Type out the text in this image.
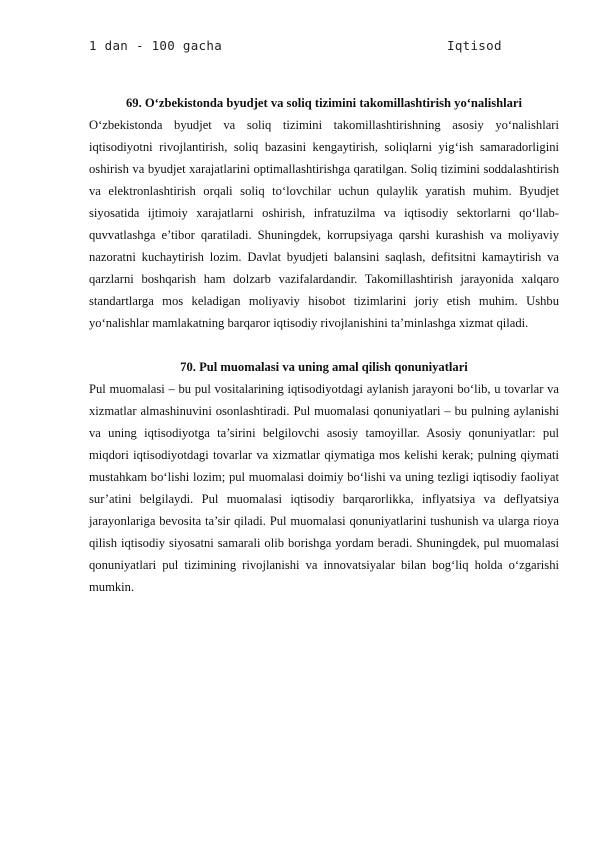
1 dan - 100 gacha	Iqtisod
69. O‘zbekistonda byudjet va soliq tizimini takomillashtirish yo‘nalishlari

O‘zbekistonda byudjet va soliq tizimini takomillashtirishning asosiy yo‘nalishlari iqtisodiyotni rivojlantirish, soliq bazasini kengaytirish, soliqlarni yig‘ish samaradorligini oshirish va byudjet xarajatlarini optimallashtirishga qaratilgan. Soliq tizimini soddalashtirish va elektronlashtirish orqali soliq to‘lovchilar uchun qulaylik yaratish muhim. Byudjet siyosatida ijtimoiy xarajatlarni oshirish, infratuzilma va iqtisodiy sektorlarni qo‘llab-quvvatlashga e’tibor qaratiladi. Shuningdek, korrupsiyaga qarshi kurashish va moliyaviy nazoratni kuchaytirish lozim. Davlat byudjeti balansini saqlash, defitsitni kamaytirish va qarzlarni boshqarish ham dolzarb vazifalardandir. Takomillashtirish jarayonida xalqaro standartlarga mos keladigan moliyaviy hisobot tizimlarini joriy etish muhim. Ushbu yo‘nalishlar mamlakatning barqaror iqtisodiy rivojlanishini ta’minlashga xizmat qiladi.

70. Pul muomalasi va uning amal qilish qonuniyatlari

Pul muomalasi – bu pul vositalarining iqtisodiyotdagi aylanish jarayoni bo‘lib, u tovarlar va xizmatlar almashinuvini osonlashtiradi. Pul muomalasi qonuniyatlari – bu pulning aylanishi va uning iqtisodiyotga ta’sirini belgilovchi asosiy tamoyillar. Asosiy qonuniyatlar: pul miqdori iqtisodiyotdagi tovarlar va xizmatlar qiymatiga mos kelishi kerak; pulning qiymati mustahkam bo‘lishi lozim; pul muomalasi doimiy bo‘lishi va uning tezligi iqtisodiy faoliyat sur’atini belgilaydi. Pul muomalasi iqtisodiy barqarorlikka, inflyatsiya va deflyatsiya jarayonlariga bevosita ta’sir qiladi. Pul muomalasi qonuniyatlarini tushunish va ularga rioya qilish iqtisodiy siyosatni samarali olib borishga yordam beradi. Shuningdek, pul muomalasi qonuniyatlari pul tizimining rivojlanishi va innovatsiyalar bilan bog‘liq holda o‘zgarishi mumkin.
